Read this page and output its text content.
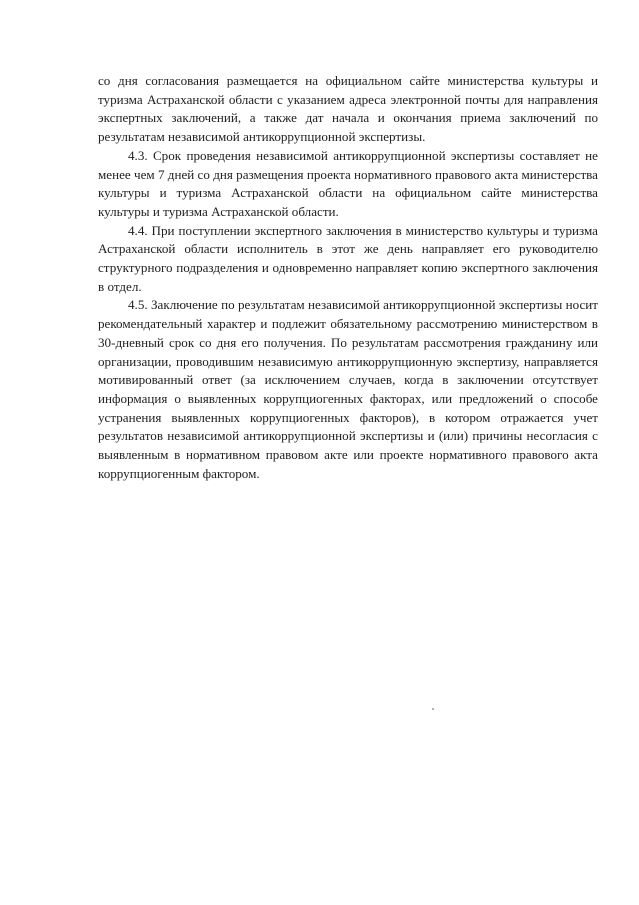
со дня согласования размещается на официальном сайте министерства культуры и туризма Астраханской области с указанием адреса электронной почты для направления экспертных заключений, а также дат начала и окончания приема заключений по результатам независимой антикоррупционной экспертизы.

4.3. Срок проведения независимой антикоррупционной экспертизы составляет не менее чем 7 дней со дня размещения проекта нормативного правового акта министерства культуры и туризма Астраханской области на официальном сайте министерства культуры и туризма Астраханской области.

4.4. При поступлении экспертного заключения в министерство культуры и туризма Астраханской области исполнитель в этот же день направляет его руководителю структурного подразделения и одновременно направляет копию экспертного заключения в отдел.

4.5. Заключение по результатам независимой антикоррупционной экспертизы носит рекомендательный характер и подлежит обязательному рассмотрению министерством в 30-дневный срок со дня его получения. По результатам рассмотрения гражданину или организации, проводившим независимую антикоррупционную экспертизу, направляется мотивированный ответ (за исключением случаев, когда в заключении отсутствует информация о выявленных коррупциогенных факторах, или предложений о способе устранения выявленных коррупциогенных факторов), в котором отражается учет результатов независимой антикоррупционной экспертизы и (или) причины несогласия с выявленным в нормативном правовом акте или проекте нормативного правового акта коррупциогенным фактором.
